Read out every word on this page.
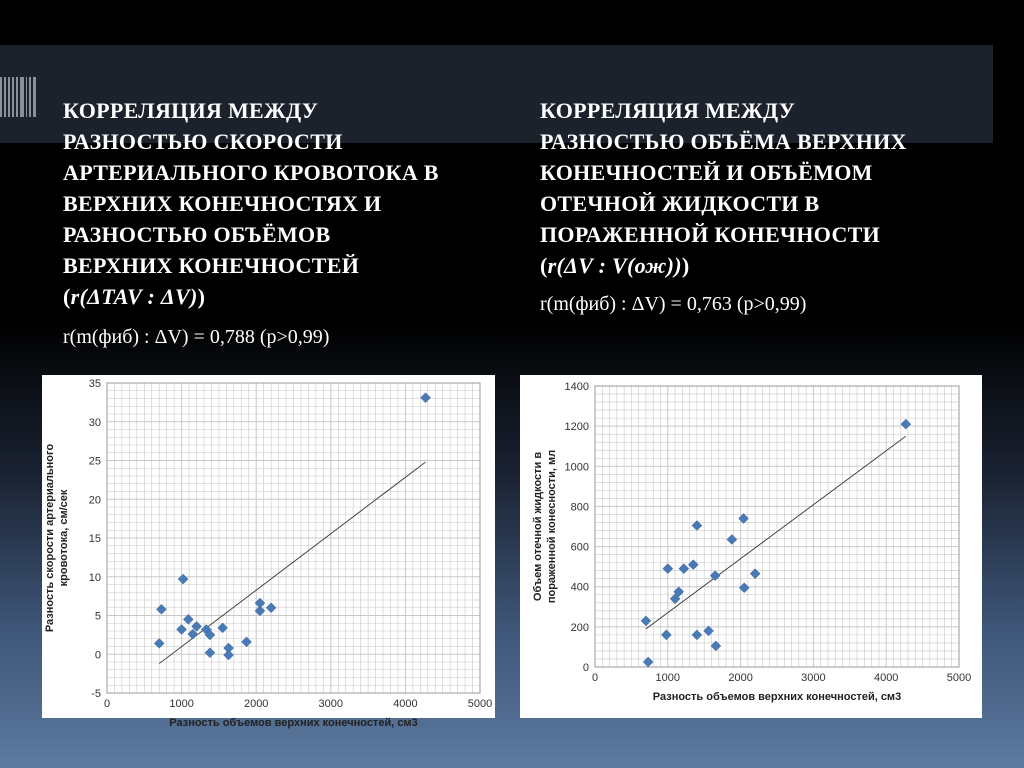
КОРРЕЛЯЦИЯ МЕЖДУ
РАЗНОСТЬЮ СКОРОСТИ
АРТЕРИАЛЬНОГО КРОВОТОКА В
ВЕРХНИХ КОНЕЧНОСТЯХ И
РАЗНОСТЬЮ ОБЪЁМОВ
ВЕРХНИХ КОНЕЧНОСТЕЙ
(r(ΔTAV : ΔV))
r(m(фиб) : ΔV) = 0,788 (p>0,99)
КОРРЕЛЯЦИЯ МЕЖДУ
РАЗНОСТЬЮ ОБЪЁМА ВЕРХНИХ
КОНЕЧНОСТЕЙ И ОБЪЁМОМ
ОТЕЧНОЙ ЖИДКОСТИ В
ПОРАЖЕННОЙ КОНЕЧНОСТИ
(r(ΔV : V(ож)))
r(m(фиб) : ΔV) = 0,763 (p>0,99)
0	1000	2000	3000	4000	5000
-5
0
5
10
15
20
25
30
35
Разность объемов верхних конечностей, см3
Разность скорости артериального кровотока, см/сек
0	1000	2000	3000	4000	5000
0
200
400
600
800
1000
1200
1400
Разность объемов верхних конечностей, см3
Объем отечной жидкости в пораженной конесности, мл
